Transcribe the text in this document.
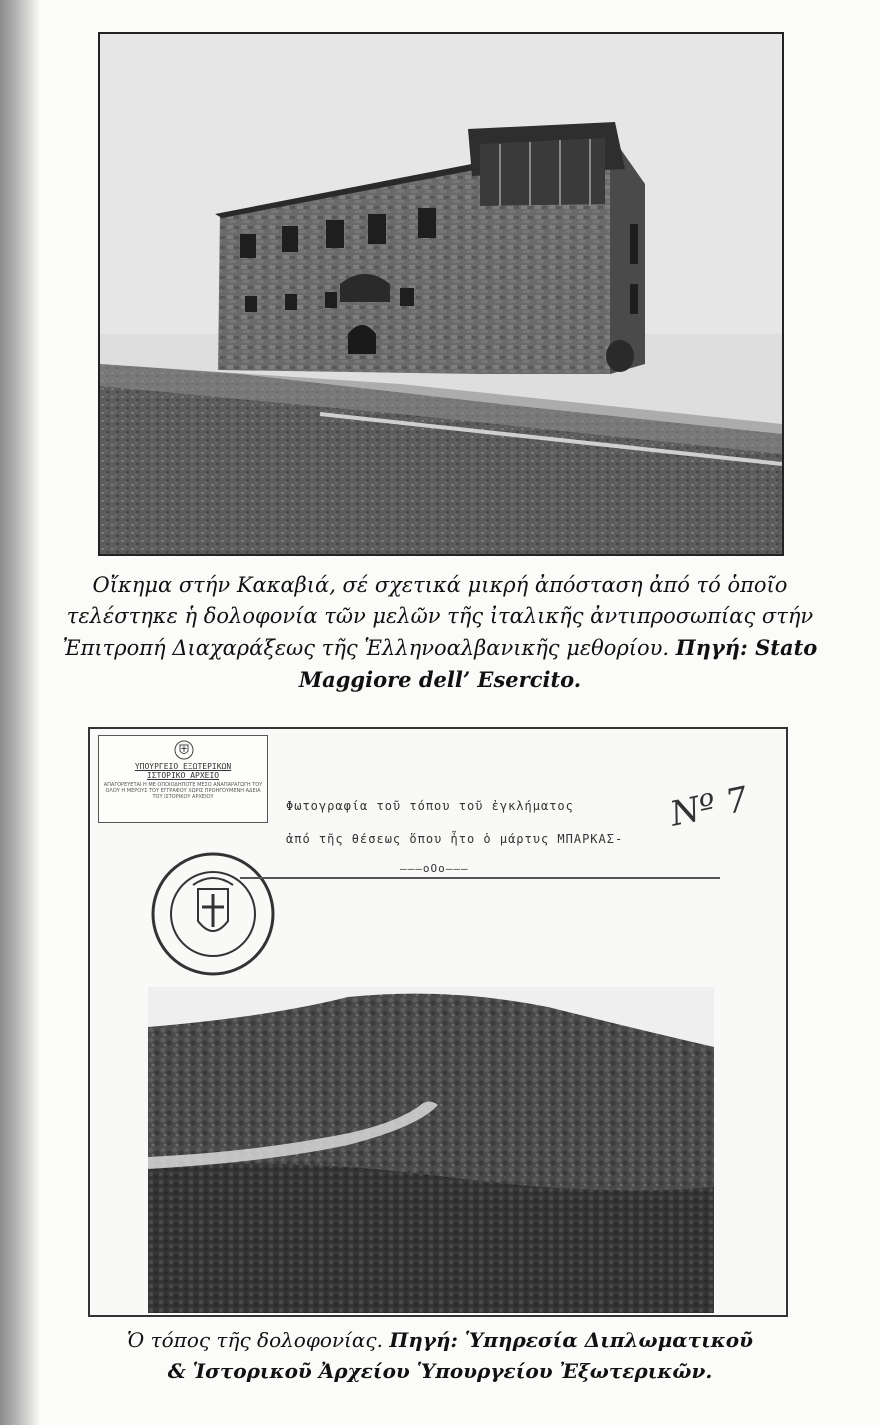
Οἴκημα στήν Κακαβιά, σέ σχετικά μικρή ἀπόσταση ἀπό τό ὁποῖο
τελέστηκε ἡ δολοφονία τῶν μελῶν τῆς ἰταλικῆς ἀντιπροσωπίας στήν
Ἐπιτροπή Διαχαράξεως τῆς Ἑλληνοαλβανικῆς μεθορίου. Πηγή: Stato
Maggiore dell’ Esercito.
ΥΠΟΥΡΓΕΙΟ ΕΞΩΤΕΡΙΚΩΝ
ΙΣΤΟΡΙΚΟ ΑΡΧΕΙΟ
ΑΠΑΓΟΡΕΥΕΤΑΙ Η ΜΕ ΟΠΟΙΟΔΗΠΟΤΕ ΜΕΣΟ ΑΝΑΠΑΡΑΓΩΓΗ ΤΟΥ ΟΛΟΥ Η ΜΕΡΟΥΣ ΤΟΥ ΕΓΓΡΑΦΟΥ ΧΩΡΙΣ ΠΡΟΗΓΟΥΜΕΝΗ ΑΔΕΙΑ ΤΟΥ ΙΣΤΟΡΙΚΟΥ ΑΡΧΕΙΟΥ
Φωτογραφία τοῦ τόπου τοῦ ἐγκλήματος
ἀπό τῆς θέσεως ὅπου ἦτο ὁ μάρτυς ΜΠΑΡΚΑΣ-
———οΟο———
Nº 7
Ὁ τόπος τῆς δολοφονίας. Πηγή: Ὑπηρεσία Διπλωματικοῦ
& Ἱστορικοῦ Ἀρχείου Ὑπουργείου Ἐξωτερικῶν.
